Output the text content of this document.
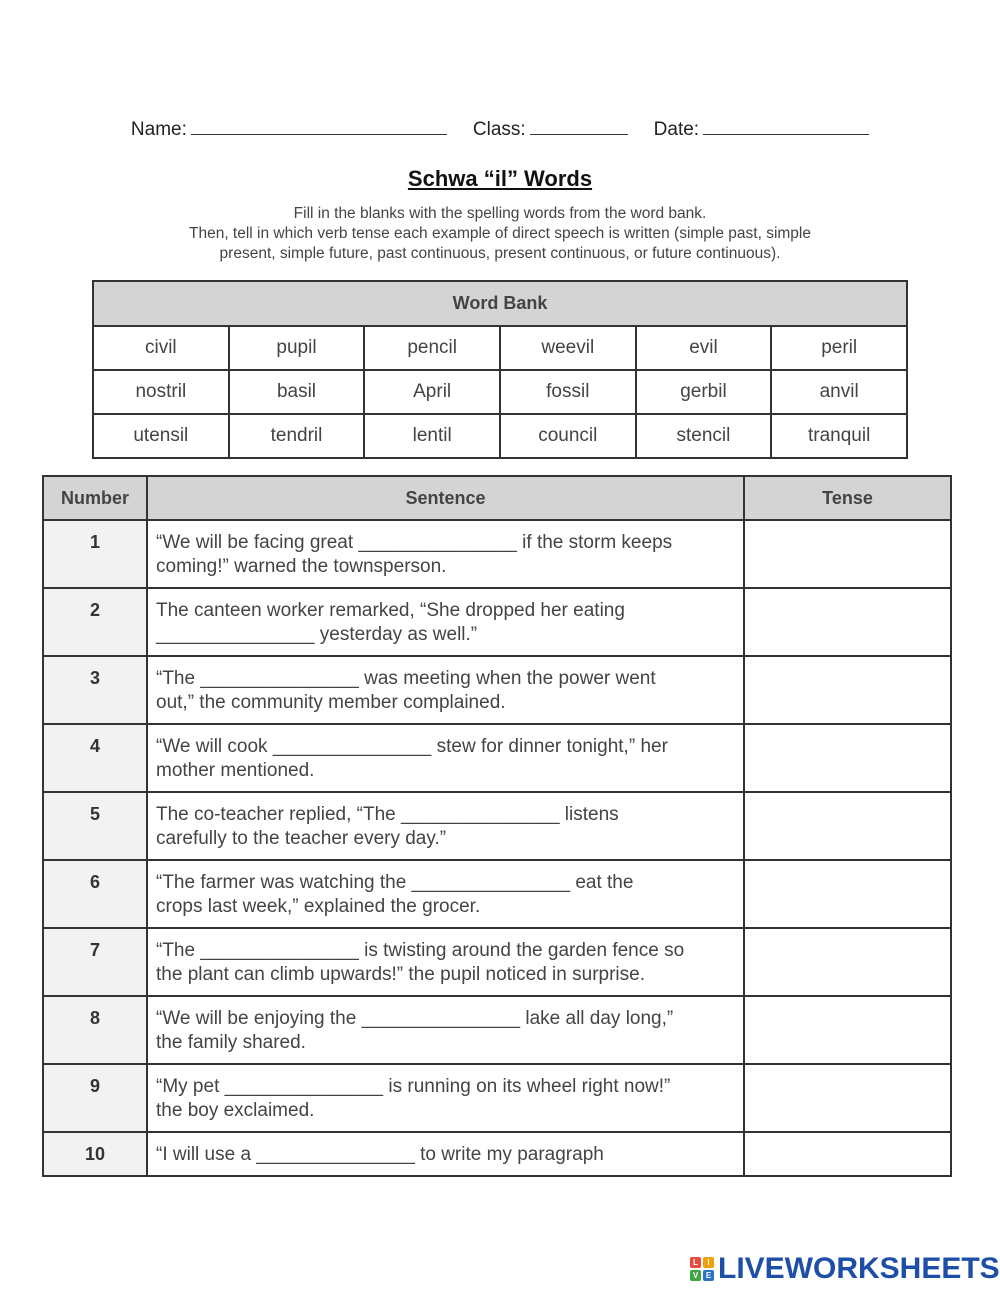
Name:	Class:	Date:
Schwa “il” Words
Fill in the blanks with the spelling words from the word bank.
Then, tell in which verb tense each example of direct speech is written (simple past, simple
present, simple future, past continuous, present continuous, or future continuous).
Word Bank					
civil	pupil	pencil	weevil	evil	peril
nostril	basil	April	fossil	gerbil	anvil
utensil	tendril	lentil	council	stencil	tranquil
Number	Sentence	Tense
1	“We will be facing great _______________ if the storm keeps
coming!” warned the townsperson.	

2	The canteen worker remarked, “She dropped her eating
_______________ yesterday as well.”	

3	“The _______________ was meeting when the power went
out,” the community member complained.	

4	“We will cook _______________ stew for dinner tonight,” her
mother mentioned.	

5	The co-teacher replied, “The _______________ listens
carefully to the teacher every day.”	

6	“The farmer was watching the _______________ eat the
crops last week,” explained the grocer.	

7	“The _______________ is twisting around the garden fence so
the plant can climb upwards!” the pupil noticed in surprise.	

8	“We will be enjoying the _______________ lake all day long,”
the family shared.	

9	“My pet _______________ is running on its wheel right now!”
the boy exclaimed.	

10	“I will use a _______________ to write my paragraph	

L	I
V E LIVEWORKSHEETS
